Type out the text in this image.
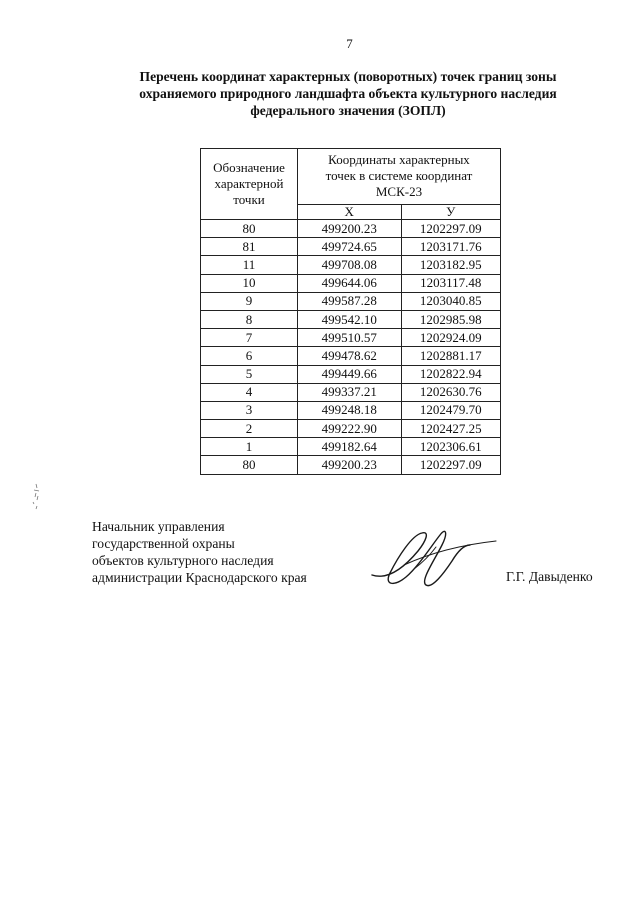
7
Перечень координат характерных (поворотных) точек границ зоны
охраняемого природного ландшафта объекта культурного наследия
федерального значения (ЗОПЛ)
Обозначение
характерной
точки	Координаты характерных
точек в системе координат
МСК-23	
	Х	У
80	499200.23	1202297.09
81	499724.65	1203171.76
11	499708.08	1203182.95
10	499644.06	1203117.48
9	499587.28	1203040.85
8	499542.10	1202985.98
7	499510.57	1202924.09
6	499478.62	1202881.17
5	499449.66	1202822.94
4	499337.21	1202630.76
3	499248.18	1202479.70
2	499222.90	1202427.25
1	499182.64	1202306.61
80	499200.23	1202297.09
Начальник управления
государственной охраны
объектов культурного наследия
администрации Краснодарского края	Г.Г. Давыденко
